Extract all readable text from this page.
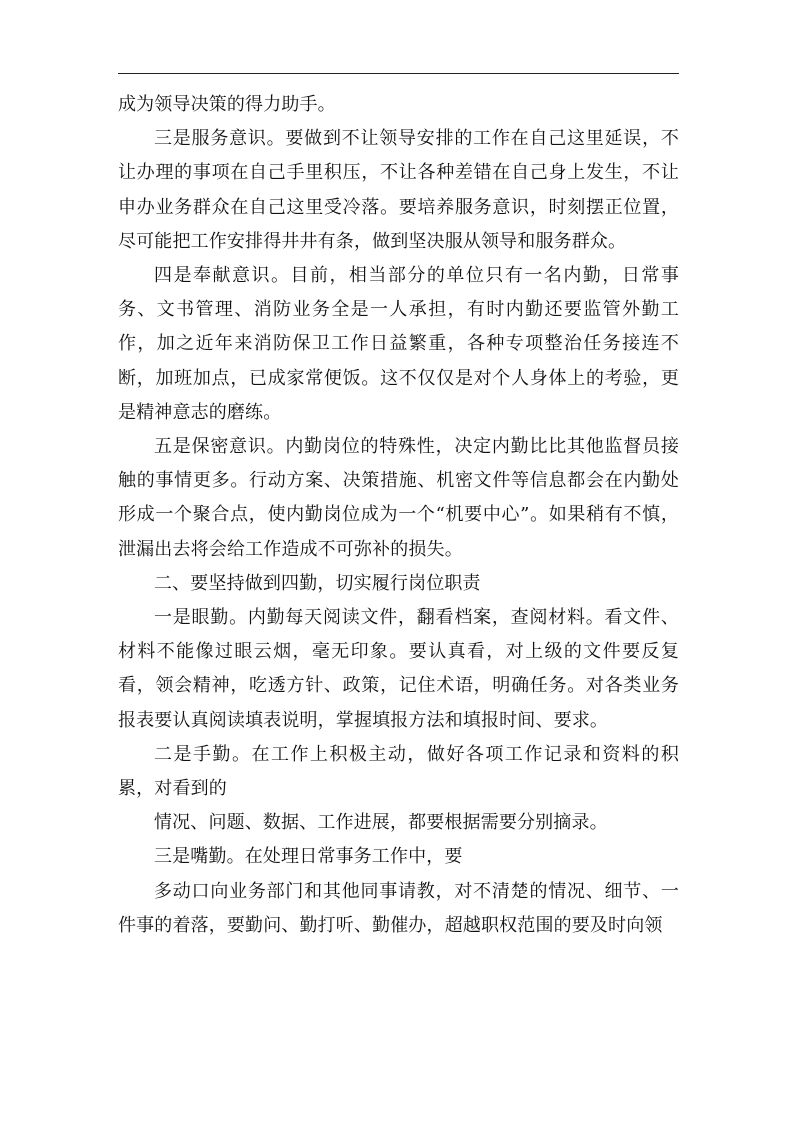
成为领导决策的得力助手。

三是服务意识。要做到不让领导安排的工作在自己这里延误，不让办理的事项在自己手里积压，不让各种差错在自己身上发生，不让申办业务群众在自己这里受冷落。要培养服务意识，时刻摆正位置，尽可能把工作安排得井井有条，做到坚决服从领导和服务群众。

四是奉献意识。目前，相当部分的单位只有一名内勤，日常事务、文书管理、消防业务全是一人承担，有时内勤还要监管外勤工作，加之近年来消防保卫工作日益繁重，各种专项整治任务接连不断，加班加点，已成家常便饭。这不仅仅是对个人身体上的考验，更是精神意志的磨练。

五是保密意识。内勤岗位的特殊性，决定内勤比比其他监督员接触的事情更多。行动方案、决策措施、机密文件等信息都会在内勤处形成一个聚合点，使内勤岗位成为一个“机要中心”。如果稍有不慎，泄漏出去将会给工作造成不可弥补的损失。

二、要坚持做到四勤，切实履行岗位职责

一是眼勤。内勤每天阅读文件，翻看档案，查阅材料。看文件、材料不能像过眼云烟，毫无印象。要认真看，对上级的文件要反复看，领会精神，吃透方针、政策，记住术语，明确任务。对各类业务报表要认真阅读填表说明，掌握填报方法和填报时间、要求。

二是手勤。在工作上积极主动，做好各项工作记录和资料的积累，对看到的

情况、问题、数据、工作进展，都要根据需要分别摘录。

三是嘴勤。在处理日常事务工作中，要

多动口向业务部门和其他同事请教，对不清楚的情况、细节、一件事的着落，要勤问、勤打听、勤催办，超越职权范围的要及时向领
